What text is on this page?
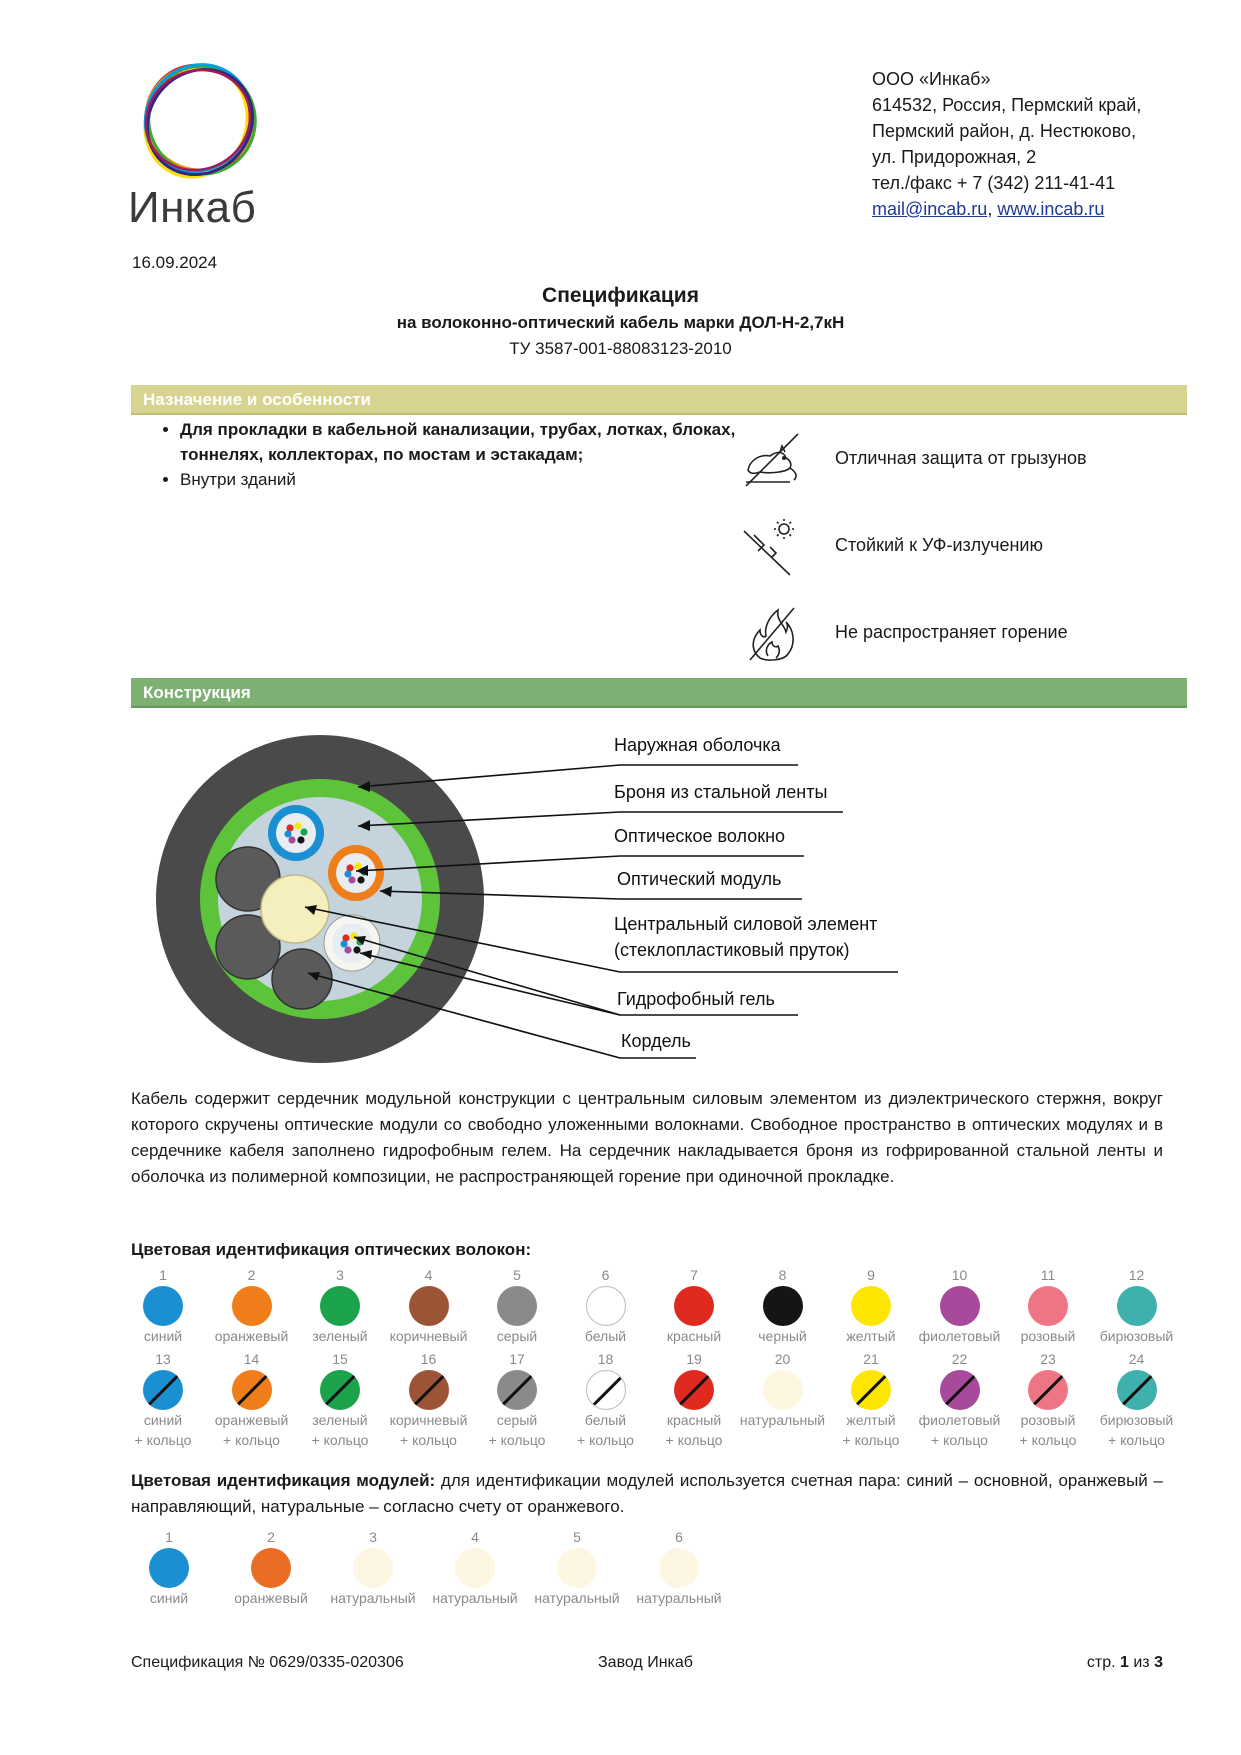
Инкаб
ООО «Инкаб»
614532, Россия, Пермский край,
Пермский район, д. Нестюково,
ул. Придорожная, 2
тел./факс + 7 (342) 211-41-41
mail@incab.ru, www.incab.ru
16.09.2024
Спецификация
на волоконно-оптический кабель марки ДОЛ-Н-2,7кН
ТУ 3587-001-88083123-2010
Назначение и особенности
• Для прокладки в кабельной канализации, трубах, лотках, блоках, тоннелях, коллекторах, по мостам и эстакадам;
• Внутри зданий
Отличная защита от грызунов
Стойкий к УФ-излучению
Не распространяет горение
Конструкция
Наружная оболочка
Броня из стальной ленты
Оптическое волокно
Оптический модуль
Центральный силовой элемент
(стеклопластиковый пруток)
Гидрофобный гель
Кордель
Кабель содержит сердечник модульной конструкции с центральным силовым элементом из диэлектрического стержня, вокруг которого скручены оптические модули со свободно уложенными волокнами. Свободное пространство в оптических модулях и в сердечнике кабеля заполнено гидрофобным гелем. На сердечник накладывается броня из гофрированной стальной ленты и оболочка из полимерной композиции, не распространяющей горение при одиночной прокладке.
Цветовая идентификация оптических волокон:
1
синий
2
оранжевый
3
зеленый
4
коричневый
5
серый
6
белый
7
красный
8
черный
9
желтый
10
фиолетовый
11
розовый
12
бирюзовый
13
синий
+ кольцо
14
оранжевый
+ кольцо
15
зеленый
+ кольцо
16
коричневый
+ кольцо
17
серый
+ кольцо
18
белый
+ кольцо
19
красный
+ кольцо
20
натуральный
21
желтый
+ кольцо
22
фиолетовый
+ кольцо
23
розовый
+ кольцо
24
бирюзовый
+ кольцо
Цветовая идентификация модулей: для идентификации модулей используется счетная пара: синий – основной, оранжевый – направляющий, натуральные – согласно счету от оранжевого.
1
синий
2
оранжевый
3
натуральный
4
натуральный
5
натуральный
6
натуральный
Спецификация № 0629/0335-020306	Завод Инкаб	стр. 1 из 3
